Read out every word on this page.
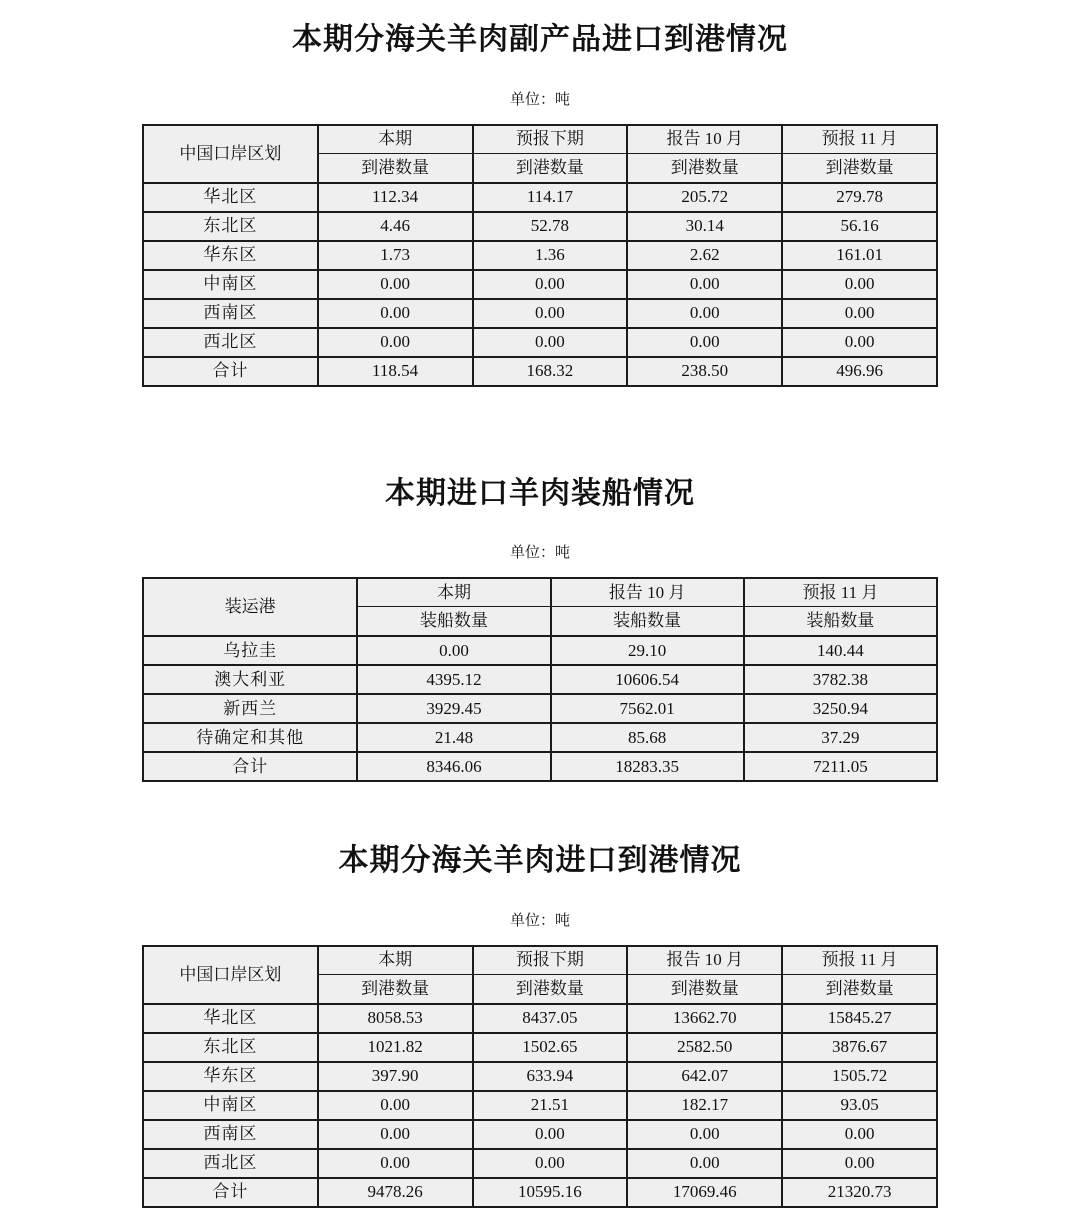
本期分海关羊肉副产品进口到港情况

单位：吨

中国口岸区划	本期	预报下期	报告 10 月	预报 11 月
	到港数量	到港数量	到港数量	到港数量
华北区	112.34	114.17	205.72	279.78
东北区	4.46	52.78	30.14	56.16
华东区	1.73	1.36	2.62	161.01
中南区	0.00	0.00	0.00	0.00
西南区	0.00	0.00	0.00	0.00
西北区	0.00	0.00	0.00	0.00
合计	118.54	168.32	238.50	496.96
本期进口羊肉装船情况

单位：吨

装运港	本期	报告 10 月	预报 11 月
	装船数量	装船数量	装船数量
乌拉圭	0.00	29.10	140.44
澳大利亚	4395.12	10606.54	3782.38
新西兰	3929.45	7562.01	3250.94
待确定和其他	21.48	85.68	37.29
合计	8346.06	18283.35	7211.05
本期分海关羊肉进口到港情况

单位：吨

中国口岸区划	本期	预报下期	报告 10 月	预报 11 月
	到港数量	到港数量	到港数量	到港数量
华北区	8058.53	8437.05	13662.70	15845.27
东北区	1021.82	1502.65	2582.50	3876.67
华东区	397.90	633.94	642.07	1505.72
中南区	0.00	21.51	182.17	93.05
西南区	0.00	0.00	0.00	0.00
西北区	0.00	0.00	0.00	0.00
合计	9478.26	10595.16	17069.46	21320.73
